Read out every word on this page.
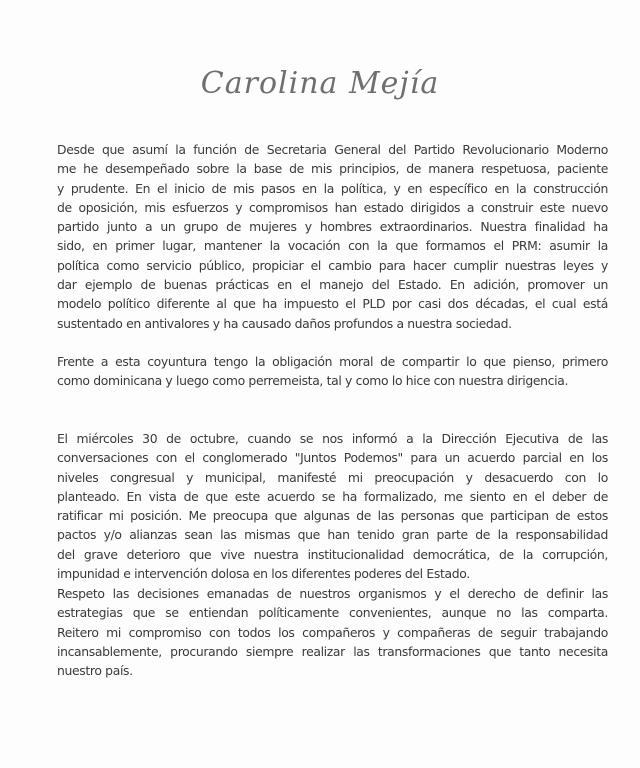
Carolina Mejía

Desde que asumí la función de Secretaria General del Partido Revolucionario Moderno
me he desempeñado sobre la base de mis principios, de manera respetuosa, paciente
y prudente. En el inicio de mis pasos en la política, y en específico en la construcción
de oposición, mis esfuerzos y compromisos han estado dirigidos a construir este nuevo
partido junto a un grupo de mujeres y hombres extraordinarios. Nuestra finalidad ha
sido, en primer lugar, mantener la vocación con la que formamos el PRM: asumir la
política como servicio público, propiciar el cambio para hacer cumplir nuestras leyes y
dar ejemplo de buenas prácticas en el manejo del Estado. En adición, promover un
modelo político diferente al que ha impuesto el PLD por casi dos décadas, el cual está
sustentado en antivalores y ha causado daños profundos a nuestra sociedad.

Frente a esta coyuntura tengo la obligación moral de compartir lo que pienso, primero
como dominicana y luego como perremeista, tal y como lo hice con nuestra dirigencia.

El miércoles 30 de octubre, cuando se nos informó a la Dirección Ejecutiva de las
conversaciones con el conglomerado "Juntos Podemos" para un acuerdo parcial en los
niveles congresual y municipal, manifesté mi preocupación y desacuerdo con lo
planteado. En vista de que este acuerdo se ha formalizado, me siento en el deber de
ratificar mi posición. Me preocupa que algunas de las personas que participan de estos
pactos y/o alianzas sean las mismas que han tenido gran parte de la responsabilidad
del grave deterioro que vive nuestra institucionalidad democrática, de la corrupción,
impunidad e intervención dolosa en los diferentes poderes del Estado.

Respeto las decisiones emanadas de nuestros organismos y el derecho de definir las
estrategias que se entiendan políticamente convenientes, aunque no las comparta.
Reitero mi compromiso con todos los compañeros y compañeras de seguir trabajando
incansablemente, procurando siempre realizar las transformaciones que tanto necesita
nuestro país.
